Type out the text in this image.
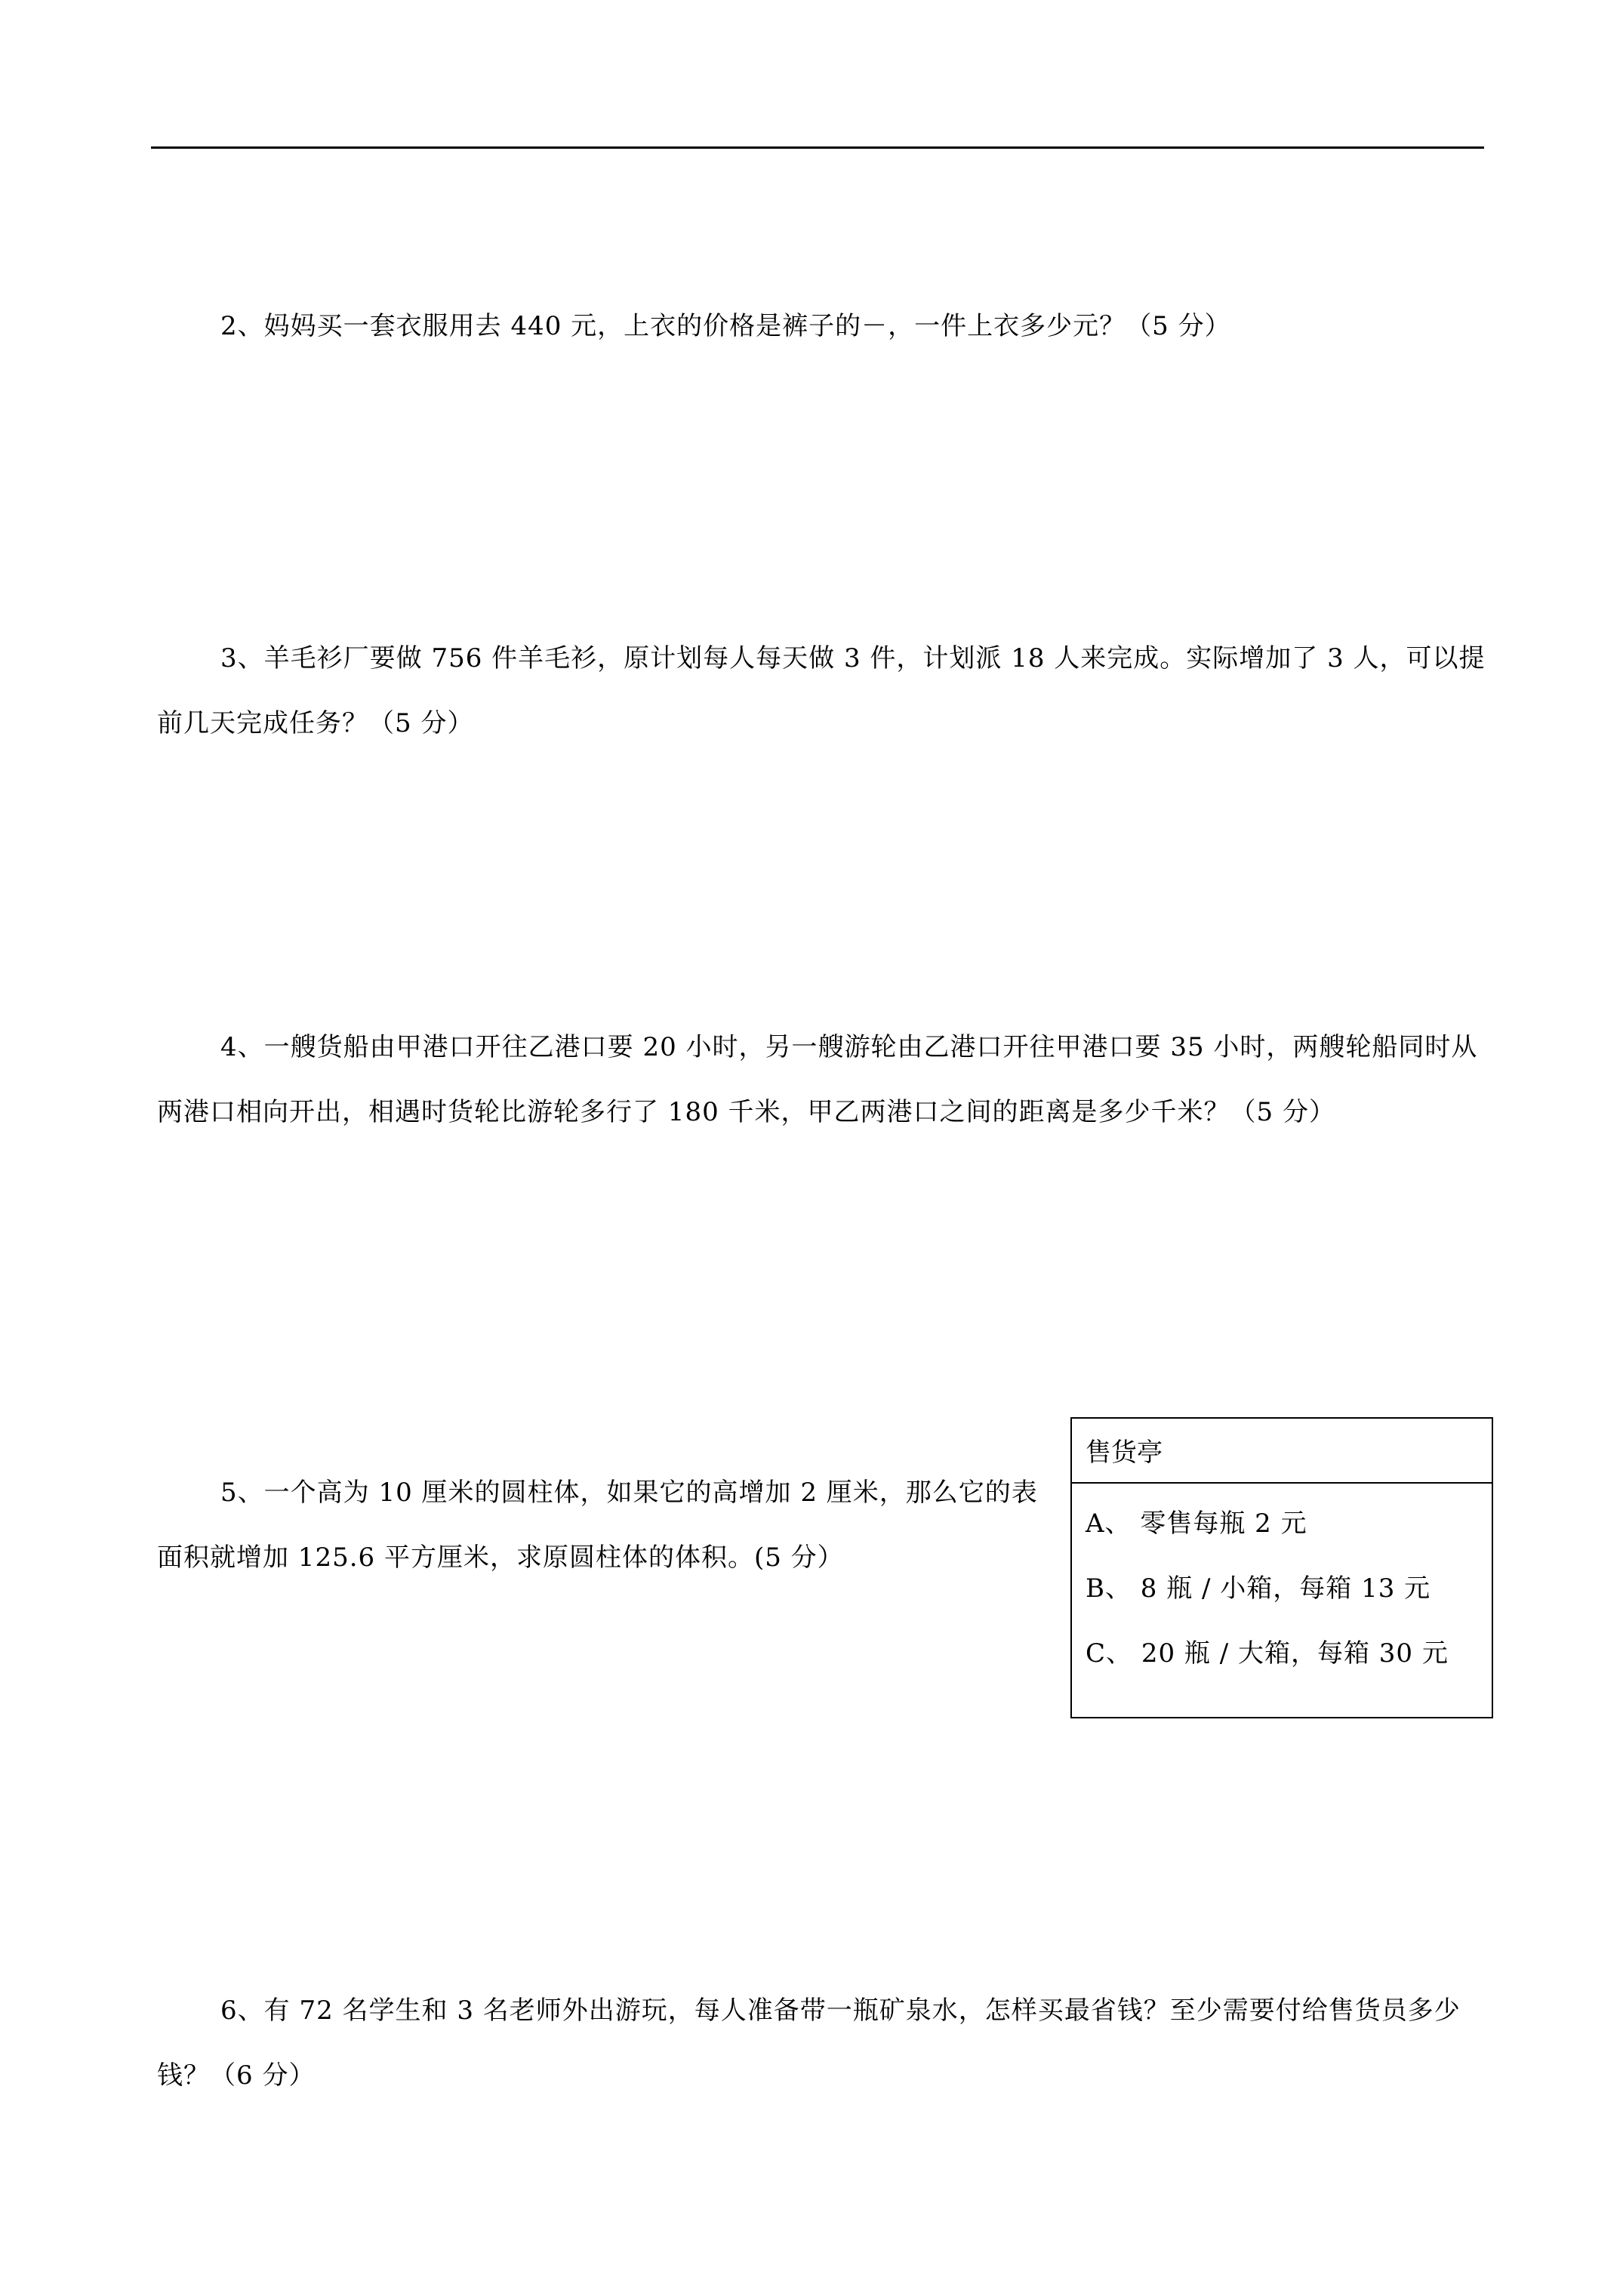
2、妈妈买一套衣服用去 440 元，上衣的价格是裤子的－，一件上衣多少元？（5 分）

3、羊毛衫厂要做 756 件羊毛衫，原计划每人每天做 3 件，计划派 18 人来完成。实际增加了 3 人，可以提前几天完成任务？（5 分）

4、一艘货船由甲港口开往乙港口要 20 小时，另一艘游轮由乙港口开往甲港口要 35 小时，两艘轮船同时从两港口相向开出，相遇时货轮比游轮多行了 180 千米，甲乙两港口之间的距离是多少千米？（5 分）

5、一个高为 10 厘米的圆柱体，如果它的高增加 2 厘米，那么它的表面积就增加 125.6 平方厘米，求原圆柱体的体积。(5 分）

售货亭
A、 零售每瓶 2 元
B、 8 瓶 / 小箱，每箱 13 元
C、 20 瓶 / 大箱，每箱 30 元

6、有 72 名学生和 3 名老师外出游玩，每人准备带一瓶矿泉水，怎样买最省钱？至少需要付给售货员多少钱？（6 分）
